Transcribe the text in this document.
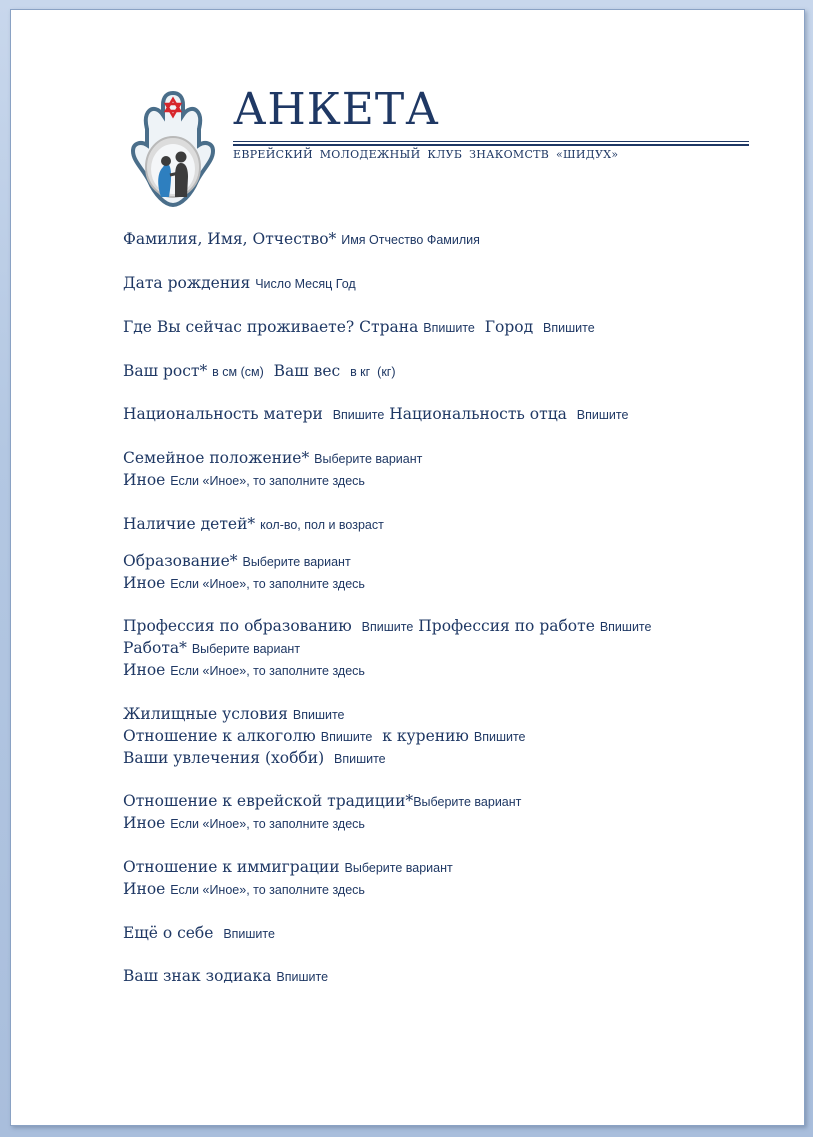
АНКЕТА
ЕВРЕЙСКИЙ МОЛОДЕЖНЫЙ КЛУБ ЗНАКОМСТВ «ШИДУХ»
Фамилия, Имя, Отчество* Имя Отчество Фамилия
Дата рождения Число Месяц Год
Где Вы сейчас проживаете? Страна Впишите Город Впишите
Ваш рост* в см (см) Ваш вес в кг  (кг)
Национальность матери Впишите Национальность отца Впишите
Семейное положение* Выберите вариант
Иное Если «Иное», то заполните здесь
Наличие детей* кол-во, пол и возраст
Образование* Выберите вариант
Иное Если «Иное», то заполните здесь
Профессия по образованию Впишите Профессия по работе Впишите
Работа* Выберите вариант
Иное Если «Иное», то заполните здесь
Жилищные условия Впишите
Отношение к алкоголю Впишите к курению Впишите
Ваши увлечения (хобби) Впишите
Отношение к еврейской традиции*Выберите вариант
Иное Если «Иное», то заполните здесь
Отношение к иммиграции Выберите вариант
Иное Если «Иное», то заполните здесь
Ещё о себе Впишите
Ваш знак зодиака Впишите
